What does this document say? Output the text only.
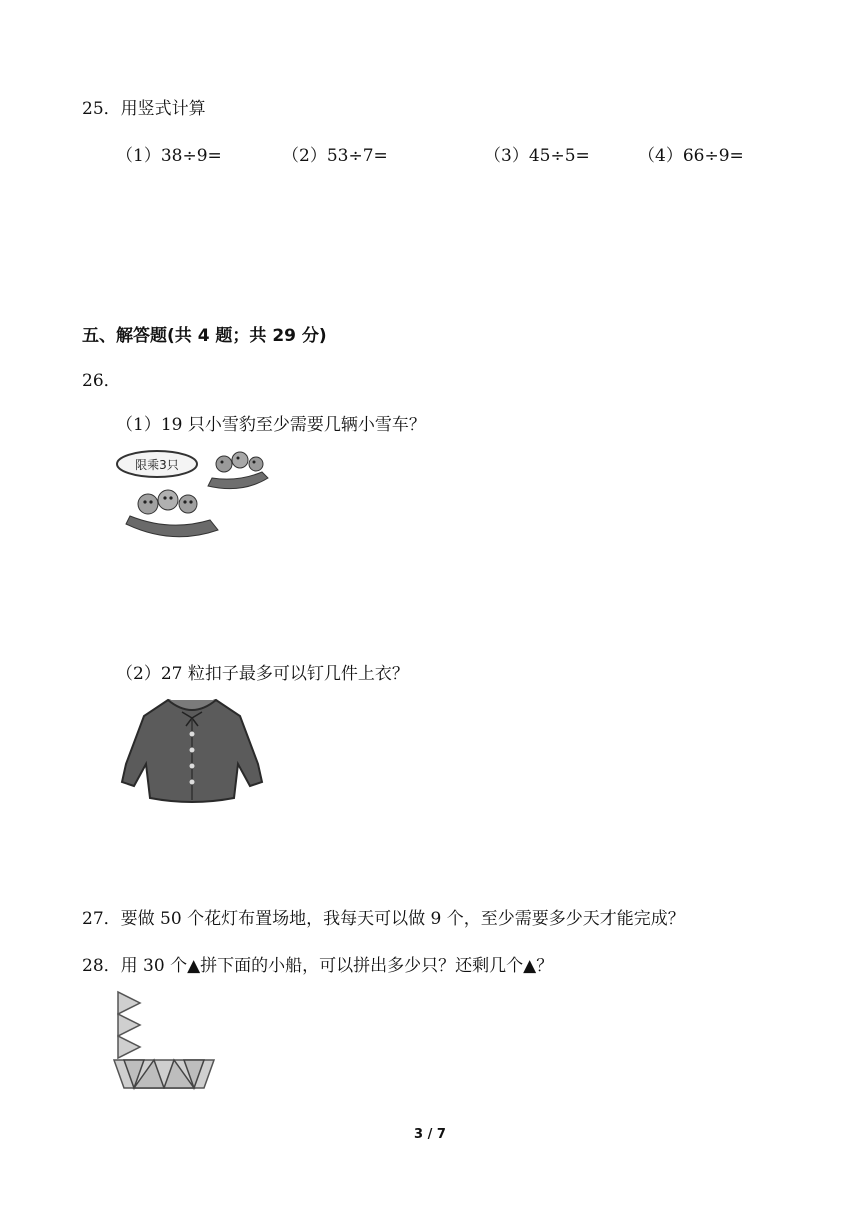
25．用竖式计算
（1）38÷9=	（2）53÷7=	（3）45÷5=	（4）66÷9=
五、解答题(共 4 题；共 29 分)
26．
（1）19 只小雪豹至少需要几辆小雪车？
限乘3只
（2）27 粒扣子最多可以钉几件上衣？
27．要做 50 个花灯布置场地，我每天可以做 9 个，至少需要多少天才能完成？
28．用 30 个▲拼下面的小船，可以拼出多少只？还剩几个▲？
3 / 7
